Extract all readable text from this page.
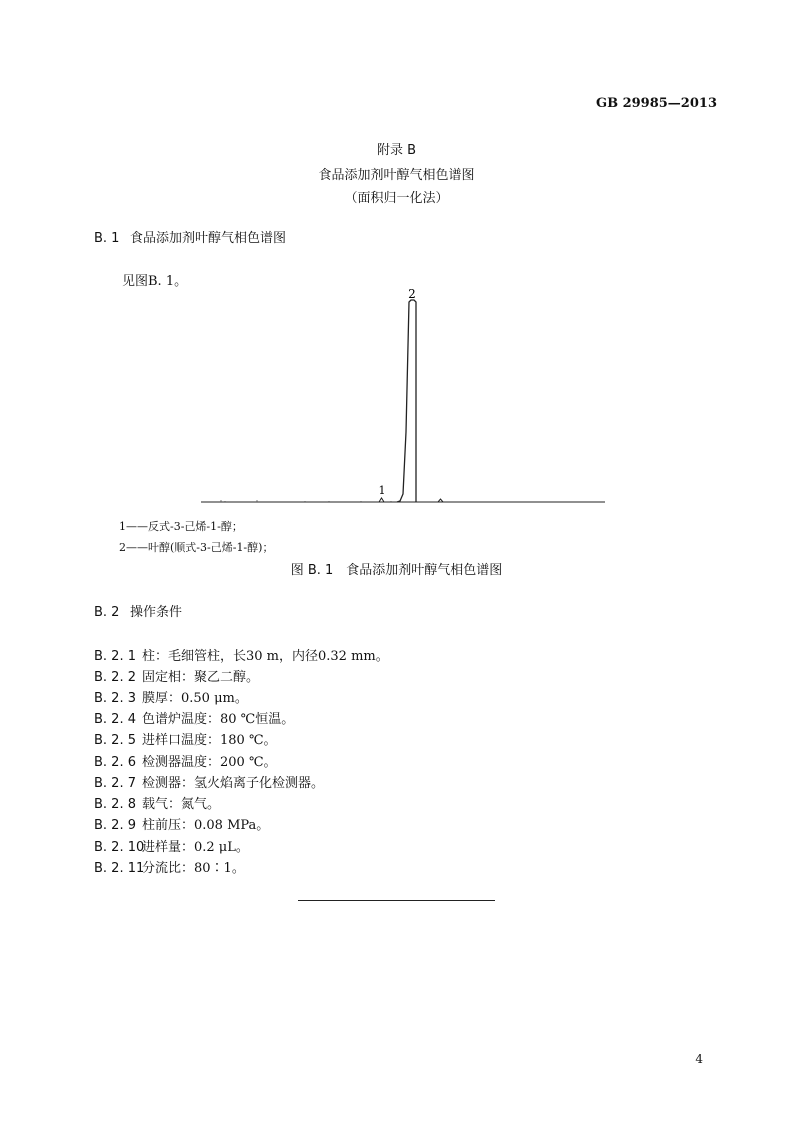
GB 29985—2013
附录 B
食品添加剂叶醇气相色谱图
（面积归一化法）
B. 1 食品添加剂叶醇气相色谱图
见图B. 1。
1
2
1——反式-3-己烯-1-醇；
2——叶醇(顺式-3-己烯-1-醇)；
图 B. 1　食品添加剂叶醇气相色谱图
B. 2 操作条件
B. 2. 1 柱：毛细管柱，长30 m，内径0.32 mm。
B. 2. 2 固定相：聚乙二醇。
B. 2. 3 膜厚：0.50 μm。
B. 2. 4 色谱炉温度：80 ℃恒温。
B. 2. 5 进样口温度：180 ℃。
B. 2. 6 检测器温度：200 ℃。
B. 2. 7 检测器：氢火焰离子化检测器。
B. 2. 8 载气：氮气。
B. 2. 9 柱前压：0.08 MPa。
B. 2. 10进样量：0.2 μL。
B. 2. 11分流比：80∶1。
4
